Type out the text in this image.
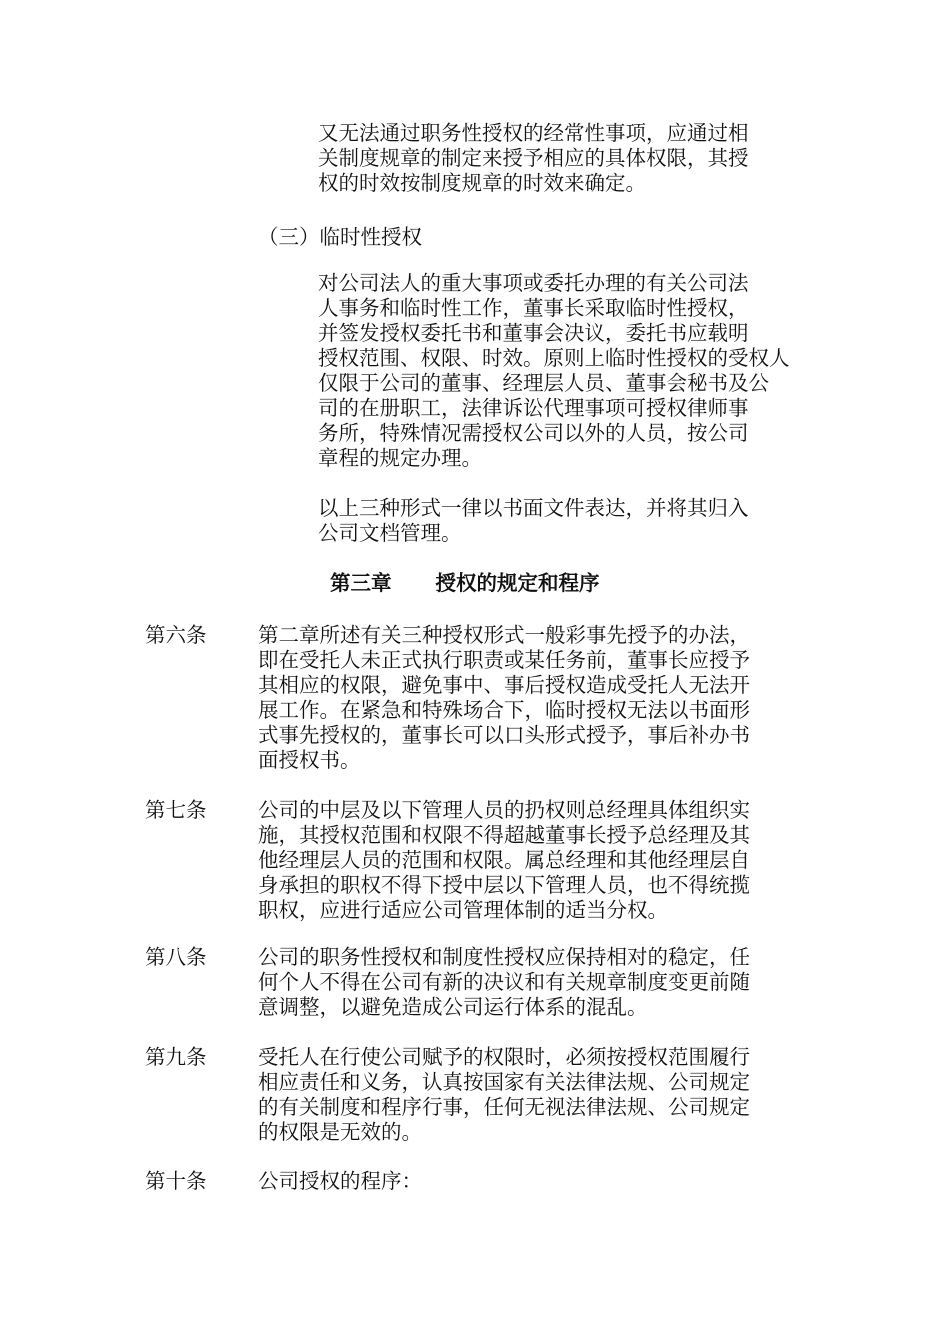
又无法通过职务性授权的经常性事项，应通过相
关制度规章的制定来授予相应的具体权限，其授
权的时效按制度规章的时效来确定。
（三）临时性授权
对公司法人的重大事项或委托办理的有关公司法
人事务和临时性工作，董事长采取临时性授权，
并签发授权委托书和董事会决议，委托书应载明
授权范围、权限、时效。原则上临时性授权的受权人
仅限于公司的董事、经理层人员、董事会秘书及公
司的在册职工，法律诉讼代理事项可授权律师事
务所，特殊情况需授权公司以外的人员，按公司
章程的规定办理。
以上三种形式一律以书面文件表达，并将其归入
公司文档管理。
第三章 授权的规定和程序
第六条	第二章所述有关三种授权形式一般彩事先授予的办法，
即在受托人未正式执行职责或某任务前，董事长应授予
其相应的权限，避免事中、事后授权造成受托人无法开
展工作。在紧急和特殊场合下，临时授权无法以书面形
式事先授权的，董事长可以口头形式授予，事后补办书
面授权书。
第七条	公司的中层及以下管理人员的扔权则总经理具体组织实
施，其授权范围和权限不得超越董事长授予总经理及其
他经理层人员的范围和权限。属总经理和其他经理层自
身承担的职权不得下授中层以下管理人员，也不得统揽
职权，应进行适应公司管理体制的适当分权。
第八条	公司的职务性授权和制度性授权应保持相对的稳定，任
何个人不得在公司有新的决议和有关规章制度变更前随
意调整，以避免造成公司运行体系的混乱。
第九条	受托人在行使公司赋予的权限时，必须按授权范围履行
相应责任和义务，认真按国家有关法律法规、公司规定
的有关制度和程序行事，任何无视法律法规、公司规定
的权限是无效的。
第十条	公司授权的程序：
